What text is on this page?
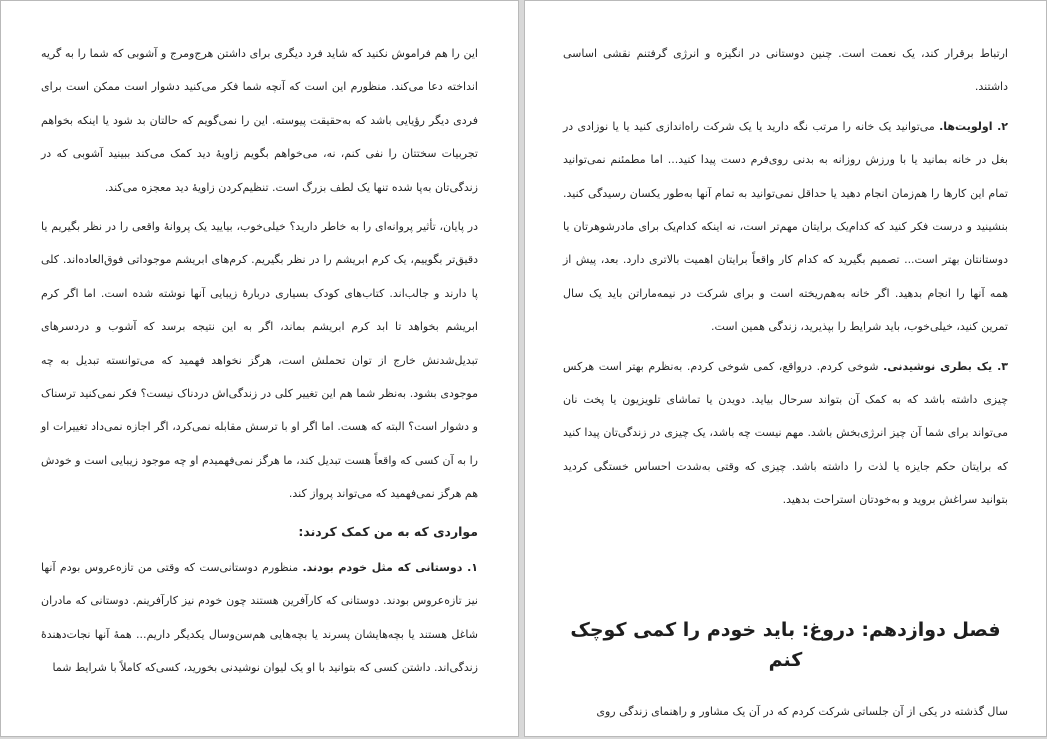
این را هم فراموش نکنید که شاید فرد دیگری برای داشتن هرج‌ومرج و آشوبی که شما را به گریه انداخته دعا می‌کند. منظورم این است که آنچه شما فکر می‌کنید دشوار است ممکن است برای فردی دیگر رؤیایی باشد که به‌حقیقت پیوسته. این را نمی‌گویم که حالتان بد شود یا اینکه بخواهم تجربیات سختتان را نفی کنم، نه، می‌خواهم بگویم زاویهٔ دید کمک می‌کند ببینید آشوبی که در زندگی‌تان به‌پا شده تنها یک لطف بزرگ است. تنظیم‌کردن زاویهٔ دید معجزه می‌کند.

در پایان، تأثیر پروانه‌ای را به خاطر دارید؟ خیلی‌خوب، بیایید یک پروانهٔ واقعی را در نظر بگیریم یا دقیق‌تر بگوییم، یک کرم ابریشم را در نظر بگیریم. کرم‌های ابریشم موجوداتی فوق‌العاده‌اند. کلی پا دارند و جالب‌اند. کتاب‌های کودک بسیاری دربارهٔ زیبایی آنها نوشته شده است. اما اگر کرم ابریشم بخواهد تا ابد کرم ابریشم بماند، اگر به این نتیجه برسد که آشوب و دردسرهای تبدیل‌شدنش خارج از توان تحملش است، هرگز نخواهد فهمید که می‌توانسته تبدیل به چه موجودی بشود. به‌نظر شما هم این تغییر کلی در زندگی‌اش دردناک نیست؟ فکر نمی‌کنید ترسناک و دشوار است؟ البته که هست. اما اگر او با ترسش مقابله نمی‌کرد، اگر اجازه نمی‌داد تغییرات او را به آن کسی که واقعاً هست تبدیل کند، ما هرگز نمی‌فهمیدم او چه موجود زیبایی است و خودش هم هرگز نمی‌فهمید که می‌تواند پرواز کند.

مواردی که به من کمک کردند:

۱. دوستانی که مثل خودم بودند. منظورم دوستانی‌ست که وقتی من تازه‌عروس بودم آنها نیز تازه‌عروس بودند. دوستانی که کارآفرین هستند چون خودم نیز کارآفرینم. دوستانی که مادران شاغل هستند یا بچه‌هایشان پسرند یا بچه‌هایی هم‌سن‌وسال یکدیگر داریم... همهٔ آنها نجات‌دهندهٔ زندگی‌اند. داشتن کسی که بتوانید با او یک لیوان نوشیدنی بخورید، کسی‌که کاملاً با شرایط شما

ارتباط برقرار کند، یک نعمت است. چنین دوستانی در انگیزه و انرژی گرفتنم نقشی اساسی داشتند.

۲. اولویت‌ها. می‌توانید یک خانه را مرتب نگه دارید یا یک شرکت راه‌اندازی کنید یا یا نوزادی در بغل در خانه بمانید یا با ورزش روزانه به بدنی روی‌فرم دست پیدا کنید... اما مطمئنم نمی‌توانید تمام این کارها را هم‌زمان انجام دهید یا حداقل نمی‌توانید به تمام آنها به‌طور یکسان رسیدگی کنید. بنشینید و درست فکر کنید که کدام‌یک برایتان مهم‌تر است، نه اینکه کدام‌یک برای مادرشوهرتان یا دوستانتان بهتر است... تصمیم بگیرید که کدام کار واقعاً برایتان اهمیت بالاتری دارد. بعد، پیش از همه آنها را انجام بدهید. اگر خانه به‌هم‌ریخته است و برای شرکت در نیمه‌ماراتن باید یک سال تمرین کنید، خیلی‌خوب، باید شرایط را بپذیرید، زندگی همین است.

۳. یک بطری نوشیدنی. شوخی کردم. درواقع، کمی شوخی کردم. به‌نظرم بهتر است هرکس چیزی داشته باشد که به کمک آن بتواند سرحال بیاید. دویدن یا تماشای تلویزیون یا پخت نان می‌تواند برای شما آن چیز انرژی‌بخش باشد. مهم نیست چه باشد، یک چیزی در زندگی‌تان پیدا کنید که برایتان حکم جایزه یا لذت را داشته باشد. چیزی که وقتی به‌شدت احساس خستگی کردید بتوانید سراغش بروید و به‌خودتان استراحت بدهید.

فصل دوازدهم: دروغ: باید خودم را کمی کوچک کنم

سال گذشته در یکی از آن جلساتی شرکت کردم که در آن یک مشاور و راهنمای زندگی روی
